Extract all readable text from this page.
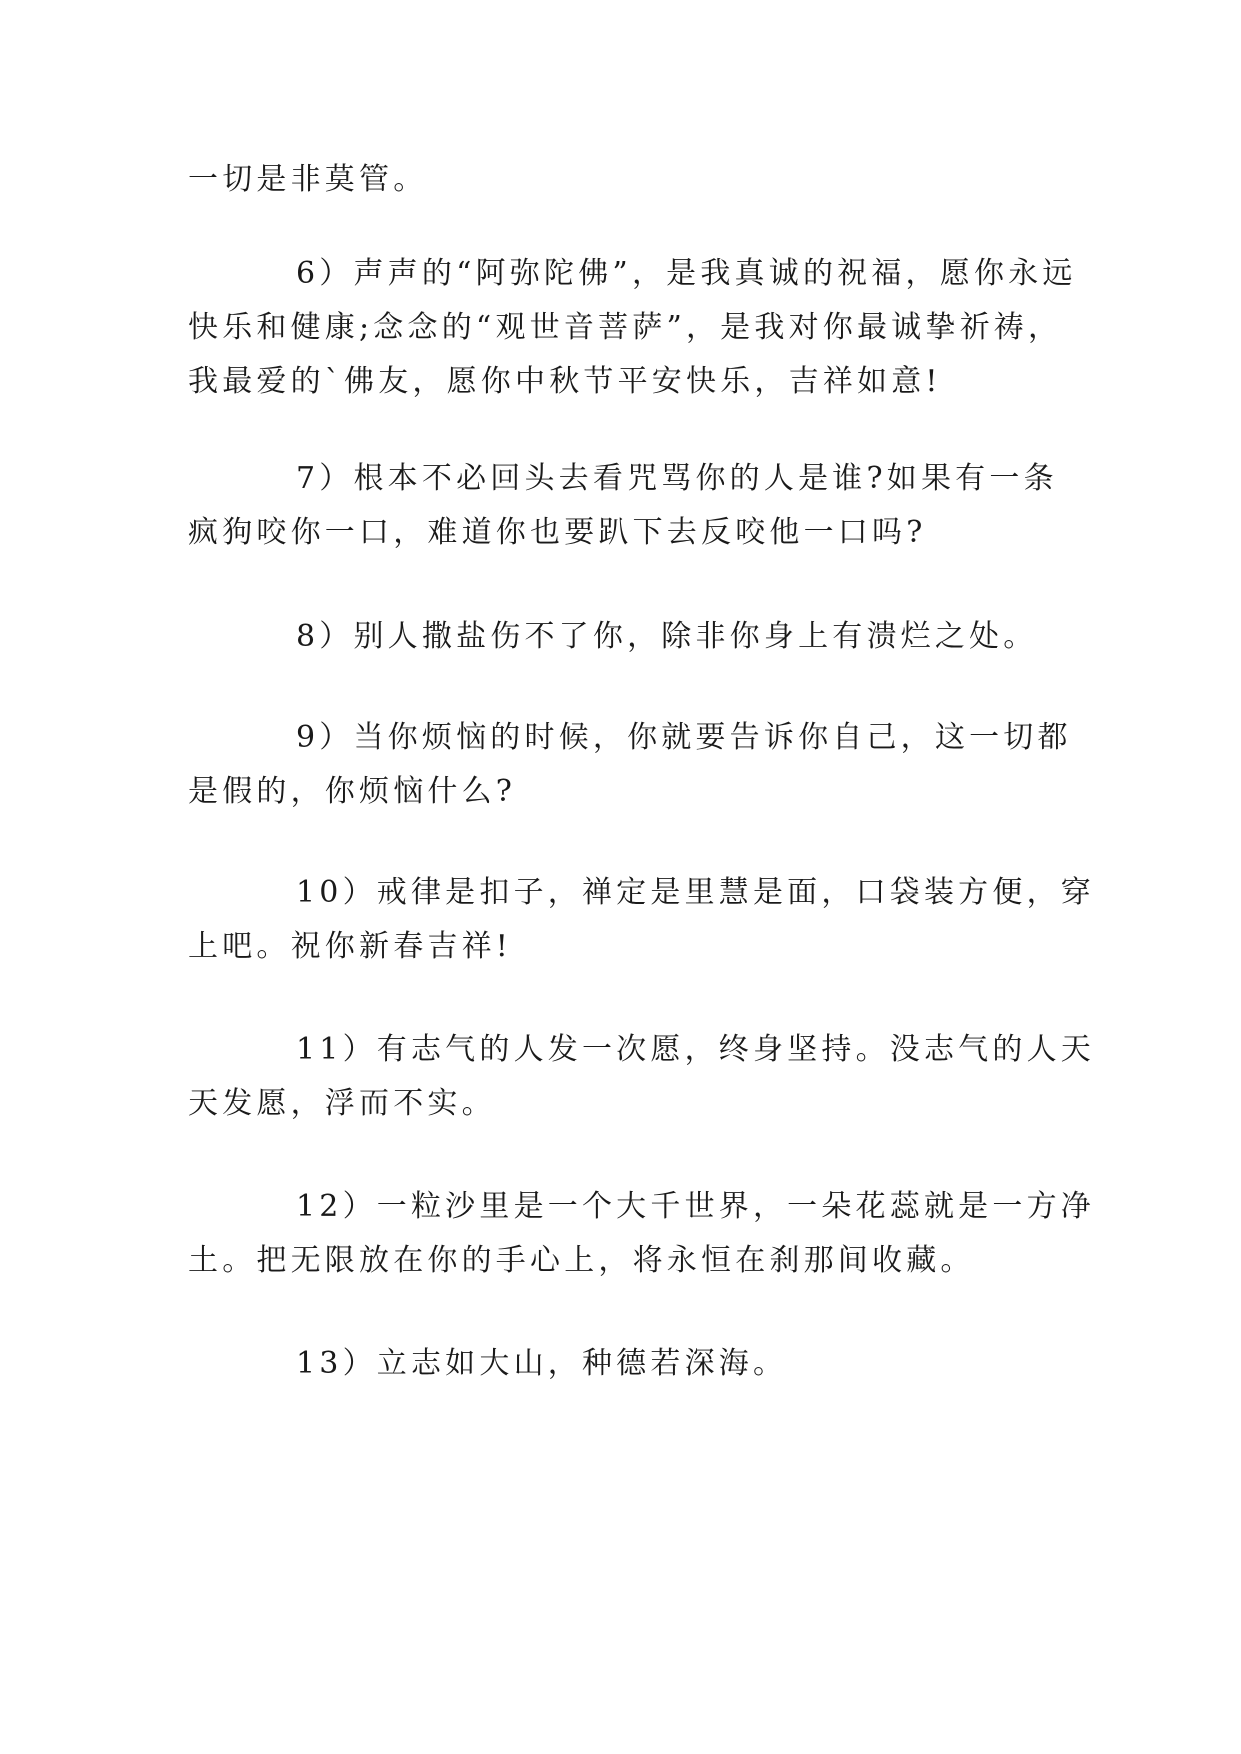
一切是非莫管。

6）声声的“阿弥陀佛”，是我真诚的祝福，愿你永远

快乐和健康;念念的“观世音菩萨”，是我对你最诚挚祈祷，

我最爱的`佛友，愿你中秋节平安快乐，吉祥如意!

7）根本不必回头去看咒骂你的人是谁?如果有一条

疯狗咬你一口，难道你也要趴下去反咬他一口吗?

8）别人撒盐伤不了你，除非你身上有溃烂之处。

9）当你烦恼的时候，你就要告诉你自己，这一切都

是假的，你烦恼什么?

10）戒律是扣子，禅定是里慧是面，口袋装方便，穿

上吧。祝你新春吉祥!

11）有志气的人发一次愿，终身坚持。没志气的人天

天发愿，浮而不实。

12）一粒沙里是一个大千世界，一朵花蕊就是一方净

土。把无限放在你的手心上，将永恒在刹那间收藏。

13）立志如大山，种德若深海。
